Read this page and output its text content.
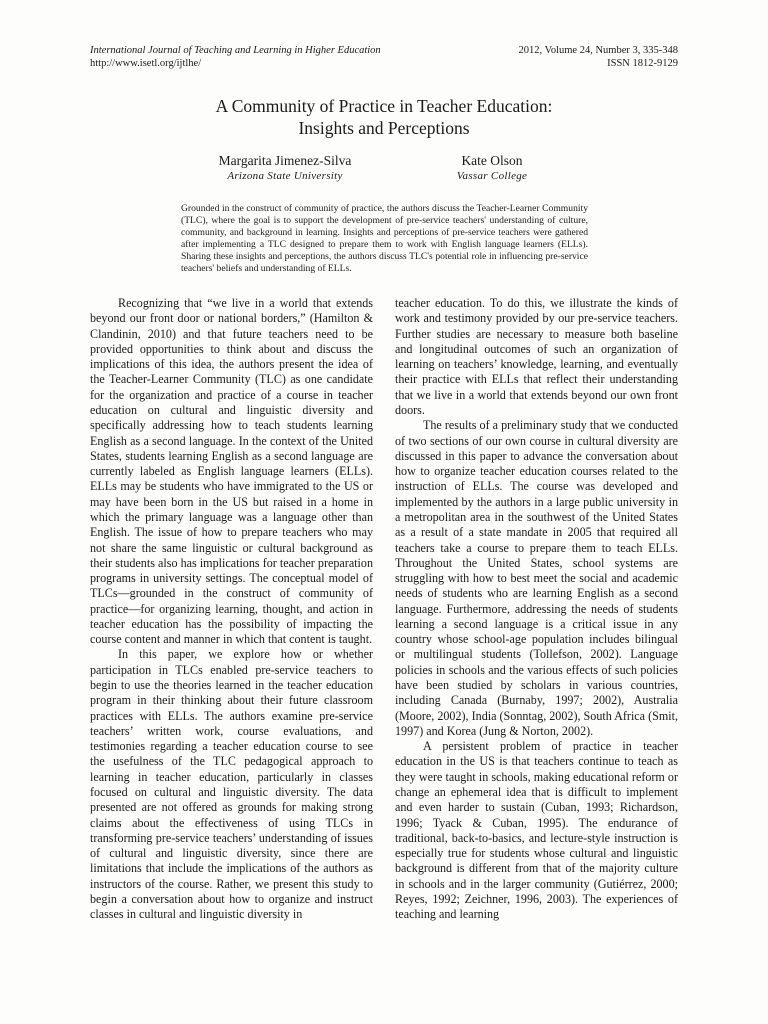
International Journal of Teaching and Learning in Higher Education
http://www.isetl.org/ijtlhe/
2012, Volume 24, Number 3, 335-348
ISSN 1812-9129
A Community of Practice in Teacher Education:
Insights and Perceptions
Margarita Jimenez-Silva
Arizona State University
Kate Olson
Vassar College
Grounded in the construct of community of practice, the authors discuss the Teacher-Learner Community (TLC), where the goal is to support the development of pre-service teachers' understanding of culture, community, and background in learning. Insights and perceptions of pre-service teachers were gathered after implementing a TLC designed to prepare them to work with English language learners (ELLs). Sharing these insights and perceptions, the authors discuss TLC's potential role in influencing pre-service teachers' beliefs and understanding of ELLs.

Recognizing that “we live in a world that extends beyond our front door or national borders,” (Hamilton & Clandinin, 2010) and that future teachers need to be provided opportunities to think about and discuss the implications of this idea, the authors present the idea of the Teacher-Learner Community (TLC) as one candidate for the organization and practice of a course in teacher education on cultural and linguistic diversity and specifically addressing how to teach students learning English as a second language. In the context of the United States, students learning English as a second language are currently labeled as English language learners (ELLs). ELLs may be students who have immigrated to the US or may have been born in the US but raised in a home in which the primary language was a language other than English. The issue of how to prepare teachers who may not share the same linguistic or cultural background as their students also has implications for teacher preparation programs in university settings. The conceptual model of TLCs—grounded in the construct of community of practice—for organizing learning, thought, and action in teacher education has the possibility of impacting the course content and manner in which that content is taught.

In this paper, we explore how or whether participation in TLCs enabled pre-service teachers to begin to use the theories learned in the teacher education program in their thinking about their future classroom practices with ELLs. The authors examine pre-service teachers’ written work, course evaluations, and testimonies regarding a teacher education course to see the usefulness of the TLC pedagogical approach to learning in teacher education, particularly in classes focused on cultural and linguistic diversity. The data presented are not offered as grounds for making strong claims about the effectiveness of using TLCs in transforming pre-service teachers’ understanding of issues of cultural and linguistic diversity, since there are limitations that include the implications of the authors as instructors of the course. Rather, we present this study to begin a conversation about how to organize and instruct classes in cultural and linguistic diversity in

teacher education. To do this, we illustrate the kinds of work and testimony provided by our pre-service teachers. Further studies are necessary to measure both baseline and longitudinal outcomes of such an organization of learning on teachers’ knowledge, learning, and eventually their practice with ELLs that reflect their understanding that we live in a world that extends beyond our own front doors.

The results of a preliminary study that we conducted of two sections of our own course in cultural diversity are discussed in this paper to advance the conversation about how to organize teacher education courses related to the instruction of ELLs. The course was developed and implemented by the authors in a large public university in a metropolitan area in the southwest of the United States as a result of a state mandate in 2005 that required all teachers take a course to prepare them to teach ELLs. Throughout the United States, school systems are struggling with how to best meet the social and academic needs of students who are learning English as a second language. Furthermore, addressing the needs of students learning a second language is a critical issue in any country whose school-age population includes bilingual or multilingual students (Tollefson, 2002). Language policies in schools and the various effects of such policies have been studied by scholars in various countries, including Canada (Burnaby, 1997; 2002), Australia (Moore, 2002), India (Sonntag, 2002), South Africa (Smit, 1997) and Korea (Jung & Norton, 2002).

A persistent problem of practice in teacher education in the US is that teachers continue to teach as they were taught in schools, making educational reform or change an ephemeral idea that is difficult to implement and even harder to sustain (Cuban, 1993; Richardson, 1996; Tyack & Cuban, 1995). The endurance of traditional, back-to-basics, and lecture-style instruction is especially true for students whose cultural and linguistic background is different from that of the majority culture in schools and in the larger community (Gutiérrez, 2000; Reyes, 1992; Zeichner, 1996, 2003). The experiences of teaching and learning
